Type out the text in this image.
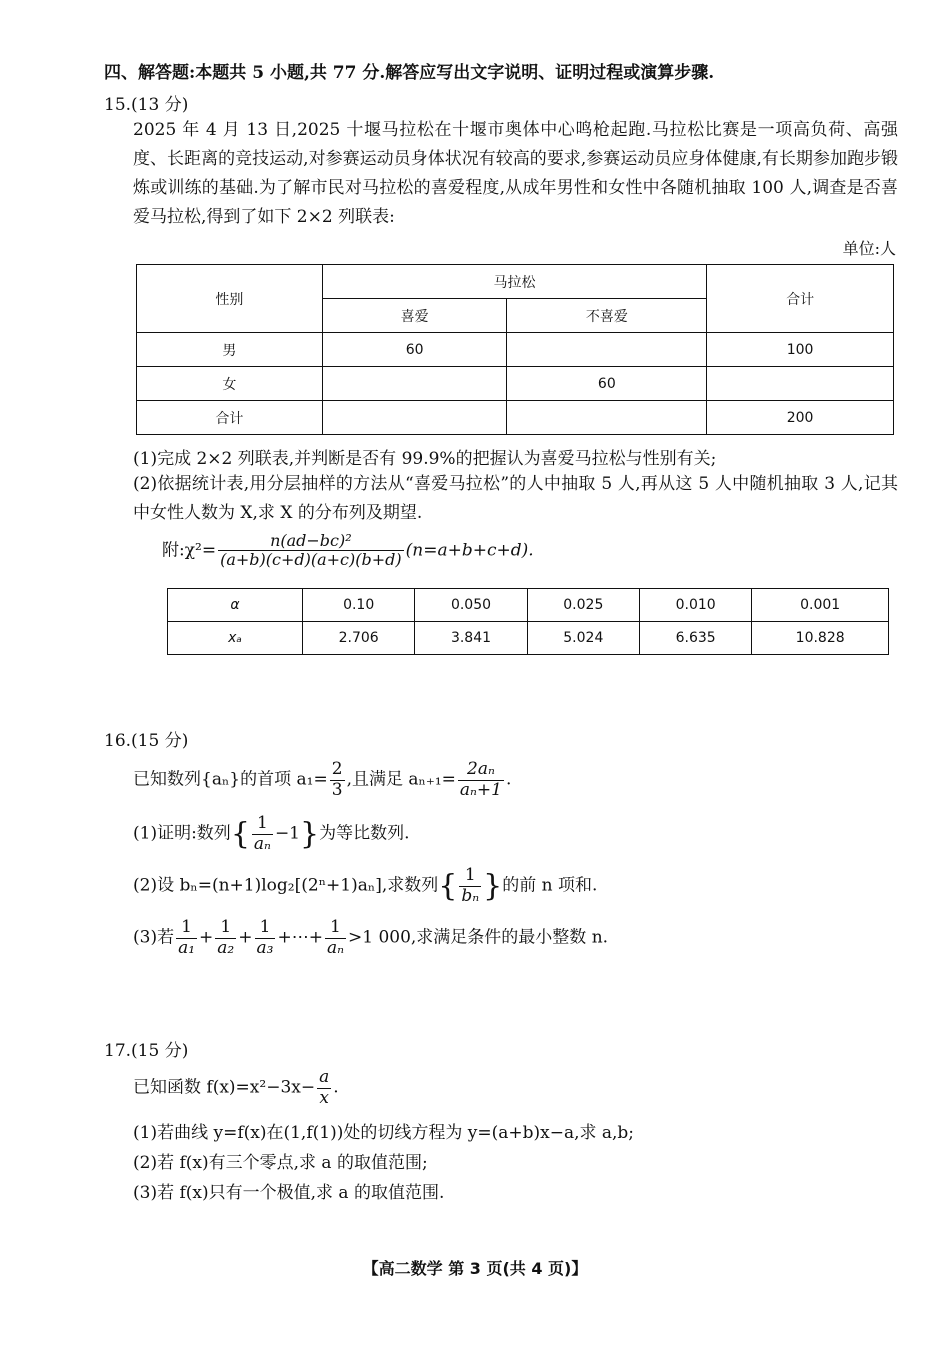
四、解答题:本题共 5 小题,共 77 分.解答应写出文字说明、证明过程或演算步骤.
15.(13 分)
2025 年 4 月 13 日,2025 十堰马拉松在十堰市奥体中心鸣枪起跑.马拉松比赛是一项高负荷、高强度、长距离的竞技运动,对参赛运动员身体状况有较高的要求,参赛运动员应身体健康,有长期参加跑步锻炼或训练的基础.为了解市民对马拉松的喜爱程度,从成年男性和女性中各随机抽取 100 人,调查是否喜爱马拉松,得到了如下 2×2 列联表:
单位:人
性别	马拉松		合计
	喜爱	不喜爱	
男	60		100
女		60	
合计			200
(1)完成 2×2 列联表,并判断是否有 99.9%的把握认为喜爱马拉松与性别有关;
(2)依据统计表,用分层抽样的方法从“喜爱马拉松”的人中抽取 5 人,再从这 5 人中随机抽取 3 人,记其中女性人数为 X,求 X 的分布列及期望.
附:χ²= $\frac{\text{n(ad−bc)²}}{(a+b)(c+d)(a+c)(b+d)} (n=a+b+c+d)$.
α	0.10	0.050	0.025	0.010	0.001
xₐ	2.706	3.841	5.024	6.635	10.828
16.(15 分)
已知数列{aₙ}的首项 $a_1= \frac{2}{3}$ ,且满足 $a_{n+1}= \frac{\text{2aₙ}}{\text{aₙ+1}}$ .
(1)证明:数列{ $\frac{1}{\text{aₙ}} -1$}为等比数列.
(2)设 bₙ=(n+1)log₂[(2ⁿ+1)aₙ],求数列{ $\frac{1}{\text{bₙ}}$ }的前 n 项和.
(3)若 $\frac{1}{\text{a₁}} + \frac{1}{\text{a₂}} + \frac{1}{\text{a₃}}$ +⋯+ $\frac{1}{\text{aₙ}} >1$ 000,求满足条件的最小整数 n.
17.(15 分)
已知函数 $f(x)=x^2-3x- \frac{a}{x}$ .
(1)若曲线 y=f(x)在(1,f(1))处的切线方程为 y=(a+b)x−a,求 a,b;
(2)若 f(x)有三个零点,求 a 的取值范围;
(3)若 f(x)只有一个极值,求 a 的取值范围.
【高二数学 第 3 页(共 4 页)】
